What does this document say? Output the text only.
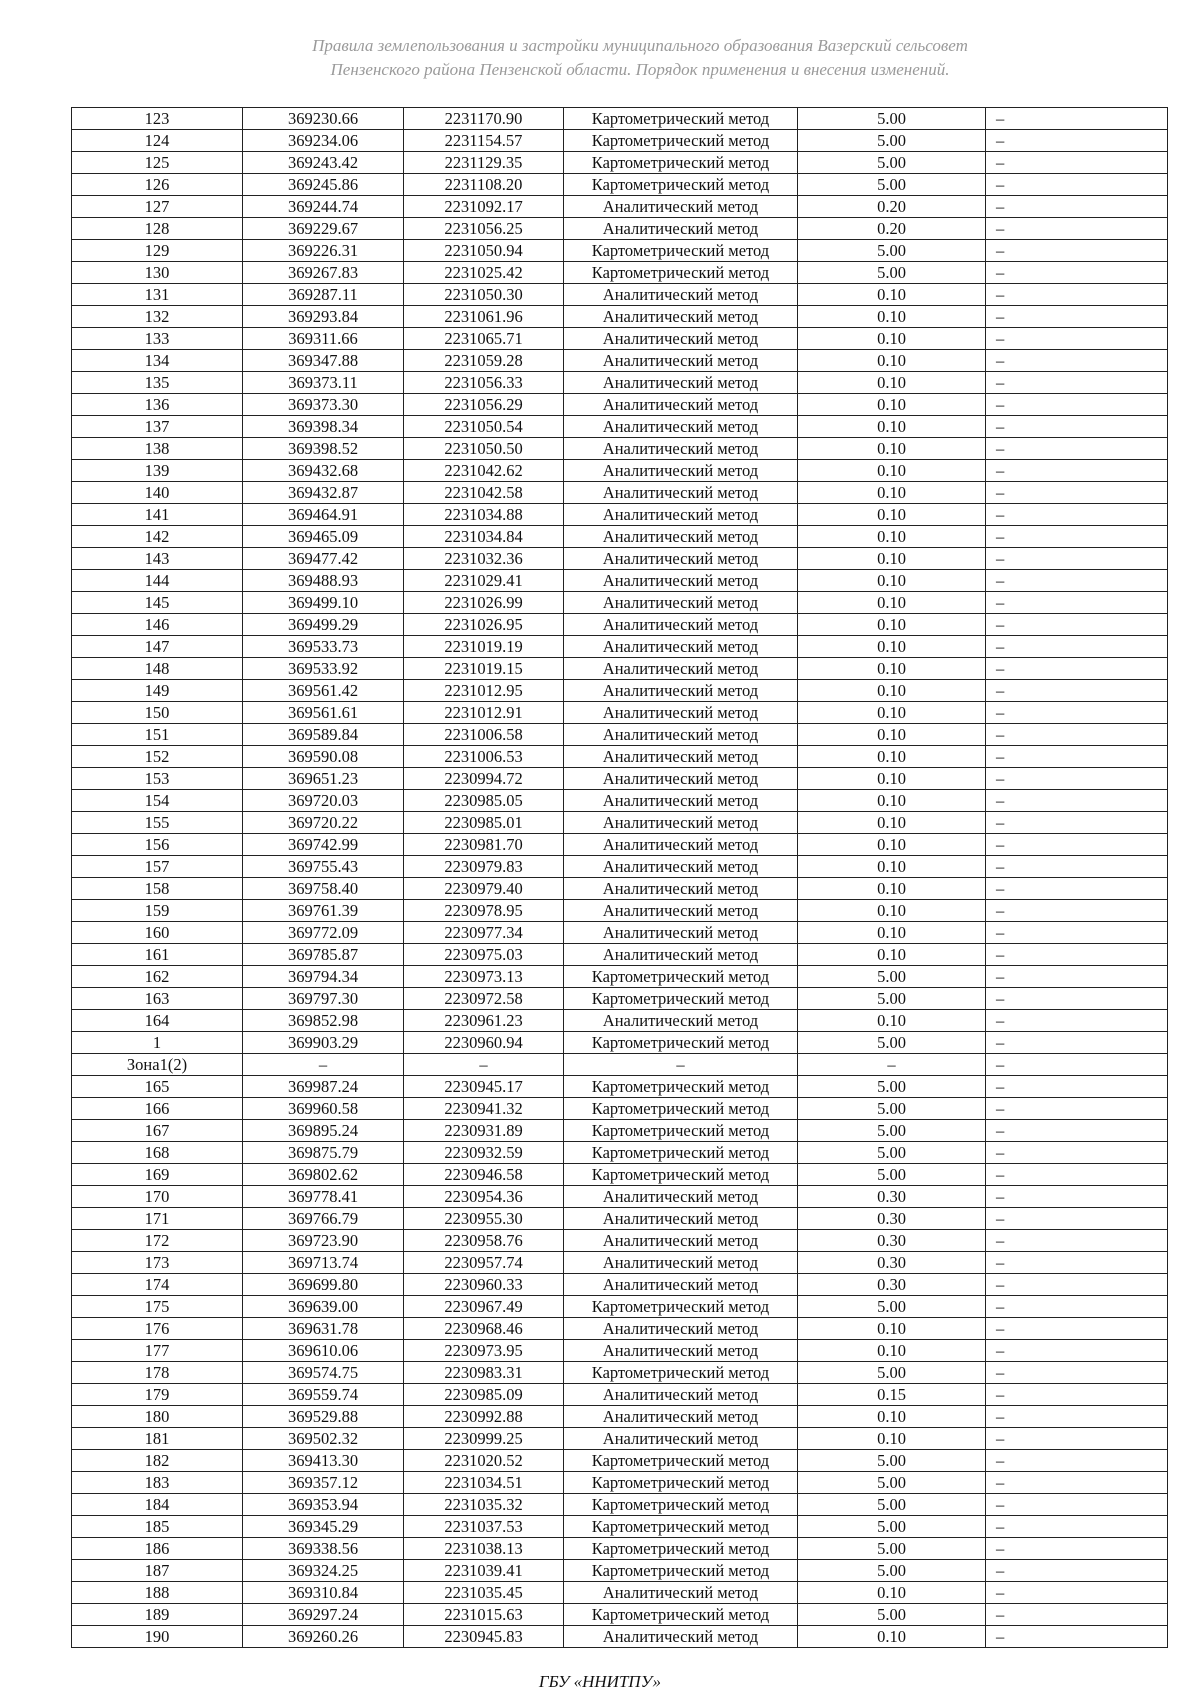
Правила землепользования и застройки муниципального образования Вазерский сельсовет
Пензенского района Пензенской области. Порядок применения и внесения изменений.
123	369230.66	2231170.90	Картометрический метод	5.00	–
124	369234.06	2231154.57	Картометрический метод	5.00	–
125	369243.42	2231129.35	Картометрический метод	5.00	–
126	369245.86	2231108.20	Картометрический метод	5.00	–
127	369244.74	2231092.17	Аналитический метод	0.20	–
128	369229.67	2231056.25	Аналитический метод	0.20	–
129	369226.31	2231050.94	Картометрический метод	5.00	–
130	369267.83	2231025.42	Картометрический метод	5.00	–
131	369287.11	2231050.30	Аналитический метод	0.10	–
132	369293.84	2231061.96	Аналитический метод	0.10	–
133	369311.66	2231065.71	Аналитический метод	0.10	–
134	369347.88	2231059.28	Аналитический метод	0.10	–
135	369373.11	2231056.33	Аналитический метод	0.10	–
136	369373.30	2231056.29	Аналитический метод	0.10	–
137	369398.34	2231050.54	Аналитический метод	0.10	–
138	369398.52	2231050.50	Аналитический метод	0.10	–
139	369432.68	2231042.62	Аналитический метод	0.10	–
140	369432.87	2231042.58	Аналитический метод	0.10	–
141	369464.91	2231034.88	Аналитический метод	0.10	–
142	369465.09	2231034.84	Аналитический метод	0.10	–
143	369477.42	2231032.36	Аналитический метод	0.10	–
144	369488.93	2231029.41	Аналитический метод	0.10	–
145	369499.10	2231026.99	Аналитический метод	0.10	–
146	369499.29	2231026.95	Аналитический метод	0.10	–
147	369533.73	2231019.19	Аналитический метод	0.10	–
148	369533.92	2231019.15	Аналитический метод	0.10	–
149	369561.42	2231012.95	Аналитический метод	0.10	–
150	369561.61	2231012.91	Аналитический метод	0.10	–
151	369589.84	2231006.58	Аналитический метод	0.10	–
152	369590.08	2231006.53	Аналитический метод	0.10	–
153	369651.23	2230994.72	Аналитический метод	0.10	–
154	369720.03	2230985.05	Аналитический метод	0.10	–
155	369720.22	2230985.01	Аналитический метод	0.10	–
156	369742.99	2230981.70	Аналитический метод	0.10	–
157	369755.43	2230979.83	Аналитический метод	0.10	–
158	369758.40	2230979.40	Аналитический метод	0.10	–
159	369761.39	2230978.95	Аналитический метод	0.10	–
160	369772.09	2230977.34	Аналитический метод	0.10	–
161	369785.87	2230975.03	Аналитический метод	0.10	–
162	369794.34	2230973.13	Картометрический метод	5.00	–
163	369797.30	2230972.58	Картометрический метод	5.00	–
164	369852.98	2230961.23	Аналитический метод	0.10	–
1	369903.29	2230960.94	Картометрический метод	5.00	–
Зона1(2)	–	–	–	–	–
165	369987.24	2230945.17	Картометрический метод	5.00	–
166	369960.58	2230941.32	Картометрический метод	5.00	–
167	369895.24	2230931.89	Картометрический метод	5.00	–
168	369875.79	2230932.59	Картометрический метод	5.00	–
169	369802.62	2230946.58	Картометрический метод	5.00	–
170	369778.41	2230954.36	Аналитический метод	0.30	–
171	369766.79	2230955.30	Аналитический метод	0.30	–
172	369723.90	2230958.76	Аналитический метод	0.30	–
173	369713.74	2230957.74	Аналитический метод	0.30	–
174	369699.80	2230960.33	Аналитический метод	0.30	–
175	369639.00	2230967.49	Картометрический метод	5.00	–
176	369631.78	2230968.46	Аналитический метод	0.10	–
177	369610.06	2230973.95	Аналитический метод	0.10	–
178	369574.75	2230983.31	Картометрический метод	5.00	–
179	369559.74	2230985.09	Аналитический метод	0.15	–
180	369529.88	2230992.88	Аналитический метод	0.10	–
181	369502.32	2230999.25	Аналитический метод	0.10	–
182	369413.30	2231020.52	Картометрический метод	5.00	–
183	369357.12	2231034.51	Картометрический метод	5.00	–
184	369353.94	2231035.32	Картометрический метод	5.00	–
185	369345.29	2231037.53	Картометрический метод	5.00	–
186	369338.56	2231038.13	Картометрический метод	5.00	–
187	369324.25	2231039.41	Картометрический метод	5.00	–
188	369310.84	2231035.45	Аналитический метод	0.10	–
189	369297.24	2231015.63	Картометрический метод	5.00	–
190	369260.26	2230945.83	Аналитический метод	0.10	–
ГБУ «ННИТПУ»
